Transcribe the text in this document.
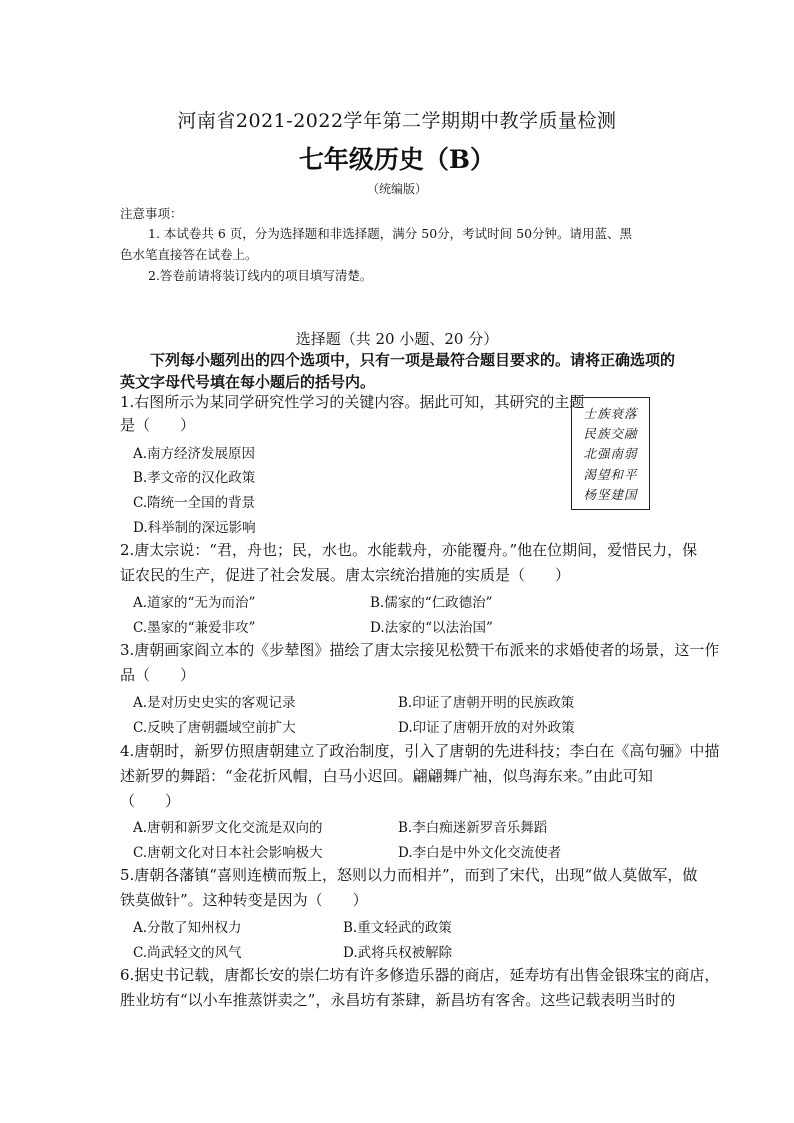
河南省2021-2022学年第二学期期中教学质量检测
七年级历史（B）
（统编版）
注意事项：
1. 本试卷共 6 页，分为选择题和非选择题，满分 50分，考试时间 50分钟。请用蓝、黑
色水笔直接答在试卷上。
2.答卷前请将装订线内的项目填写清楚。
选择题（共 20 小题、20 分）
下列每小题列出的四个选项中，只有一项是最符合题目要求的。请将正确选项的英文字母代号填在每小题后的括号内。
1.右图所示为某同学研究性学习的关键内容。据此可知，其研究的主题
是（　　）
A.南方经济发展原因
B.孝文帝的汉化政策
C.隋统一全国的背景
D.科举制的深远影响
士族衰落
民族交融
北强南弱
渴望和平
杨坚建国
2.唐太宗说：“君，舟也；民，水也。水能载舟，亦能覆舟。”他在位期间，爱惜民力，保
证农民的生产，促进了社会发展。唐太宗统治措施的实质是（　　）
A.道家的“无为而治”	B.儒家的“仁政德治”
C.墨家的“兼爱非攻”	D.法家的“以法治国”
3.唐朝画家阎立本的《步辇图》描绘了唐太宗接见松赞干布派来的求婚使者的场景，这一作
品（　　）
A.是对历史史实的客观记录	B.印证了唐朝开明的民族政策
C.反映了唐朝疆域空前扩大	D.印证了唐朝开放的对外政策
4.唐朝时，新罗仿照唐朝建立了政治制度，引入了唐朝的先进科技；李白在《高句骊》中描
述新罗的舞蹈：“金花折风帽，白马小迟回。翩翩舞广袖，似鸟海东来。”由此可知
（　　）
A.唐朝和新罗文化交流是双向的	B.李白痴迷新罗音乐舞蹈
C.唐朝文化对日本社会影响极大	D.李白是中外文化交流使者
5.唐朝各藩镇“喜则连横而叛上，怒则以力而相并”，而到了宋代，出现“做人莫做军，做
铁莫做针”。这种转变是因为（　　）
A.分散了知州权力	B.重文轻武的政策
C.尚武轻文的风气	D.武将兵权被解除
6.据史书记载，唐都长安的崇仁坊有许多修造乐器的商店，延寿坊有出售金银珠宝的商店，
胜业坊有“以小车推蒸饼卖之”，永昌坊有茶肆，新昌坊有客舍。这些记载表明当时的
